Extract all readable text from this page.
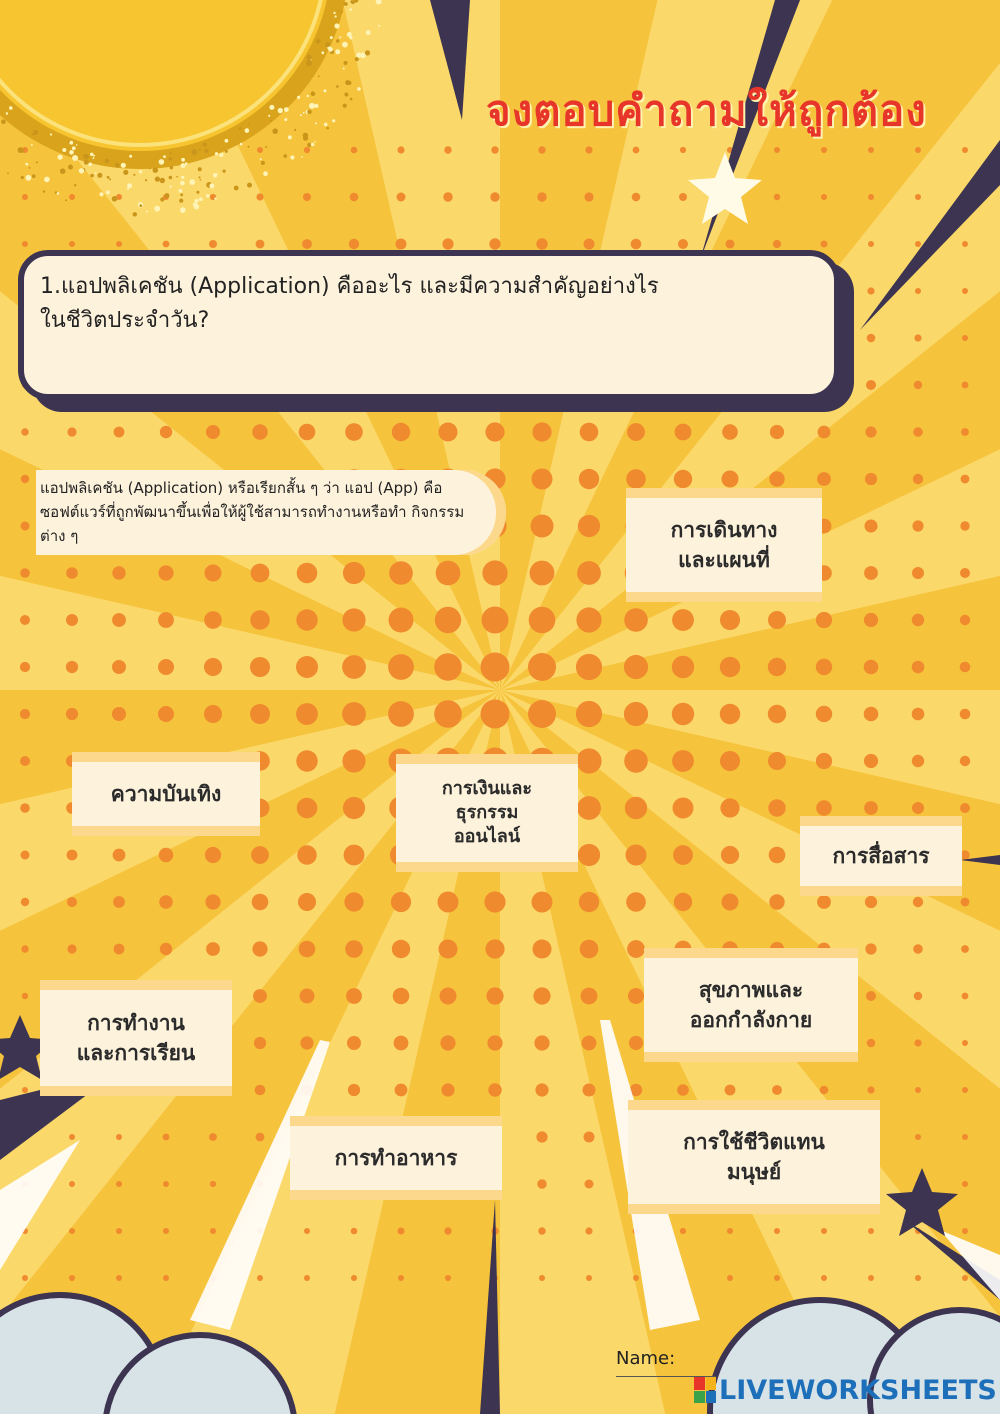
จงตอบคำถามให้ถูกต้อง
1.แอปพลิเคชัน (Application) คืออะไร และมีความสำคัญอย่างไร
ในชีวิตประจำวัน?
แอปพลิเคชัน (Application) หรือเรียกสั้น ๆ ว่า แอป (App) คือ ซอฟต์แวร์ที่ถูกพัฒนาขึ้นเพื่อให้ผู้ใช้สามารถทำงานหรือทำ กิจกรรมต่าง ๆ	การเดินทาง
และแผนที่
ความบันเทิง	การเงินและ
ธุรกรรม
ออนไลน์
การสื่อสาร
สุขภาพและ
ออกกำลังกาย
การทำงาน
และการเรียน
การทำอาหาร
การใช้ชีวิตแทน
มนุษย์
Name:
LIVEWORKSHEETS
